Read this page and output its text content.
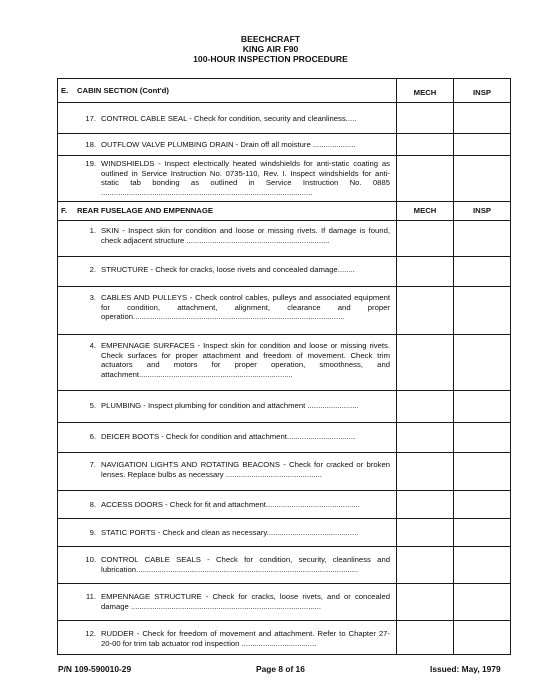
BEECHCRAFT
KING AIR F90
100-HOUR INSPECTION PROCEDURE
E. CABIN SECTION (Cont'd)	MECH	INSP

17. CONTROL CABLE SEAL - Check for condition, security and cleanliness.....		

18. OUTFLOW VALVE PLUMBING DRAIN - Drain off all moisture ....................		

19. WINDSHIELDS - Inspect electrically heated windshields for anti-static coating as outlined in Service Instruction No. 0735-110, Rev. I. Inspect windshields for anti-static tab bonding as outlined in Service Instruction No. 0885 ...................................................................................................		

F. REAR FUSELAGE AND EMPENNAGE	MECH	INSP

1. SKIN - Inspect skin for condition and loose or missing rivets. If damage is found, check adjacent structure ...................................................................		

2. STRUCTURE - Check for cracks, loose rivets and concealed damage........		

3. CABLES AND PULLEYS - Check control cables, pulleys and associated equipment for condition, attachment, alignment, clearance and proper operation...................................................................................................		

4. EMPENNAGE SURFACES - Inspect skin for condition and loose or missing rivets. Check surfaces for proper attachment and freedom of movement. Check trim actuators and motors for proper operation, smoothness, and attachment........................................................................		

5. PLUMBING - Inspect plumbing for condition and attachment ........................		

6. DEICER BOOTS - Check for condition and attachment................................		

7. NAVIGATION LIGHTS AND ROTATING BEACONS - Check for cracked or broken lenses. Replace bulbs as necessary .............................................		

8. ACCESS DOORS - Check for fit and attachment............................................		

9. STATIC PORTS - Check and clean as necessary...........................................		

10. CONTROL CABLE SEALS - Check for condition, security, cleanliness and lubrication........................................................................................................		

11. EMPENNAGE STRUCTURE - Check for cracks, loose rivets, and or concealed damage .........................................................................................		

12. RUDDER - Check for freedom of movement and attachment. Refer to Chapter 27-20-00 for trim tab actuator rod inspection ...................................		

P/N 109-590010-29	Page 8 of 16	Issued: May, 1979
